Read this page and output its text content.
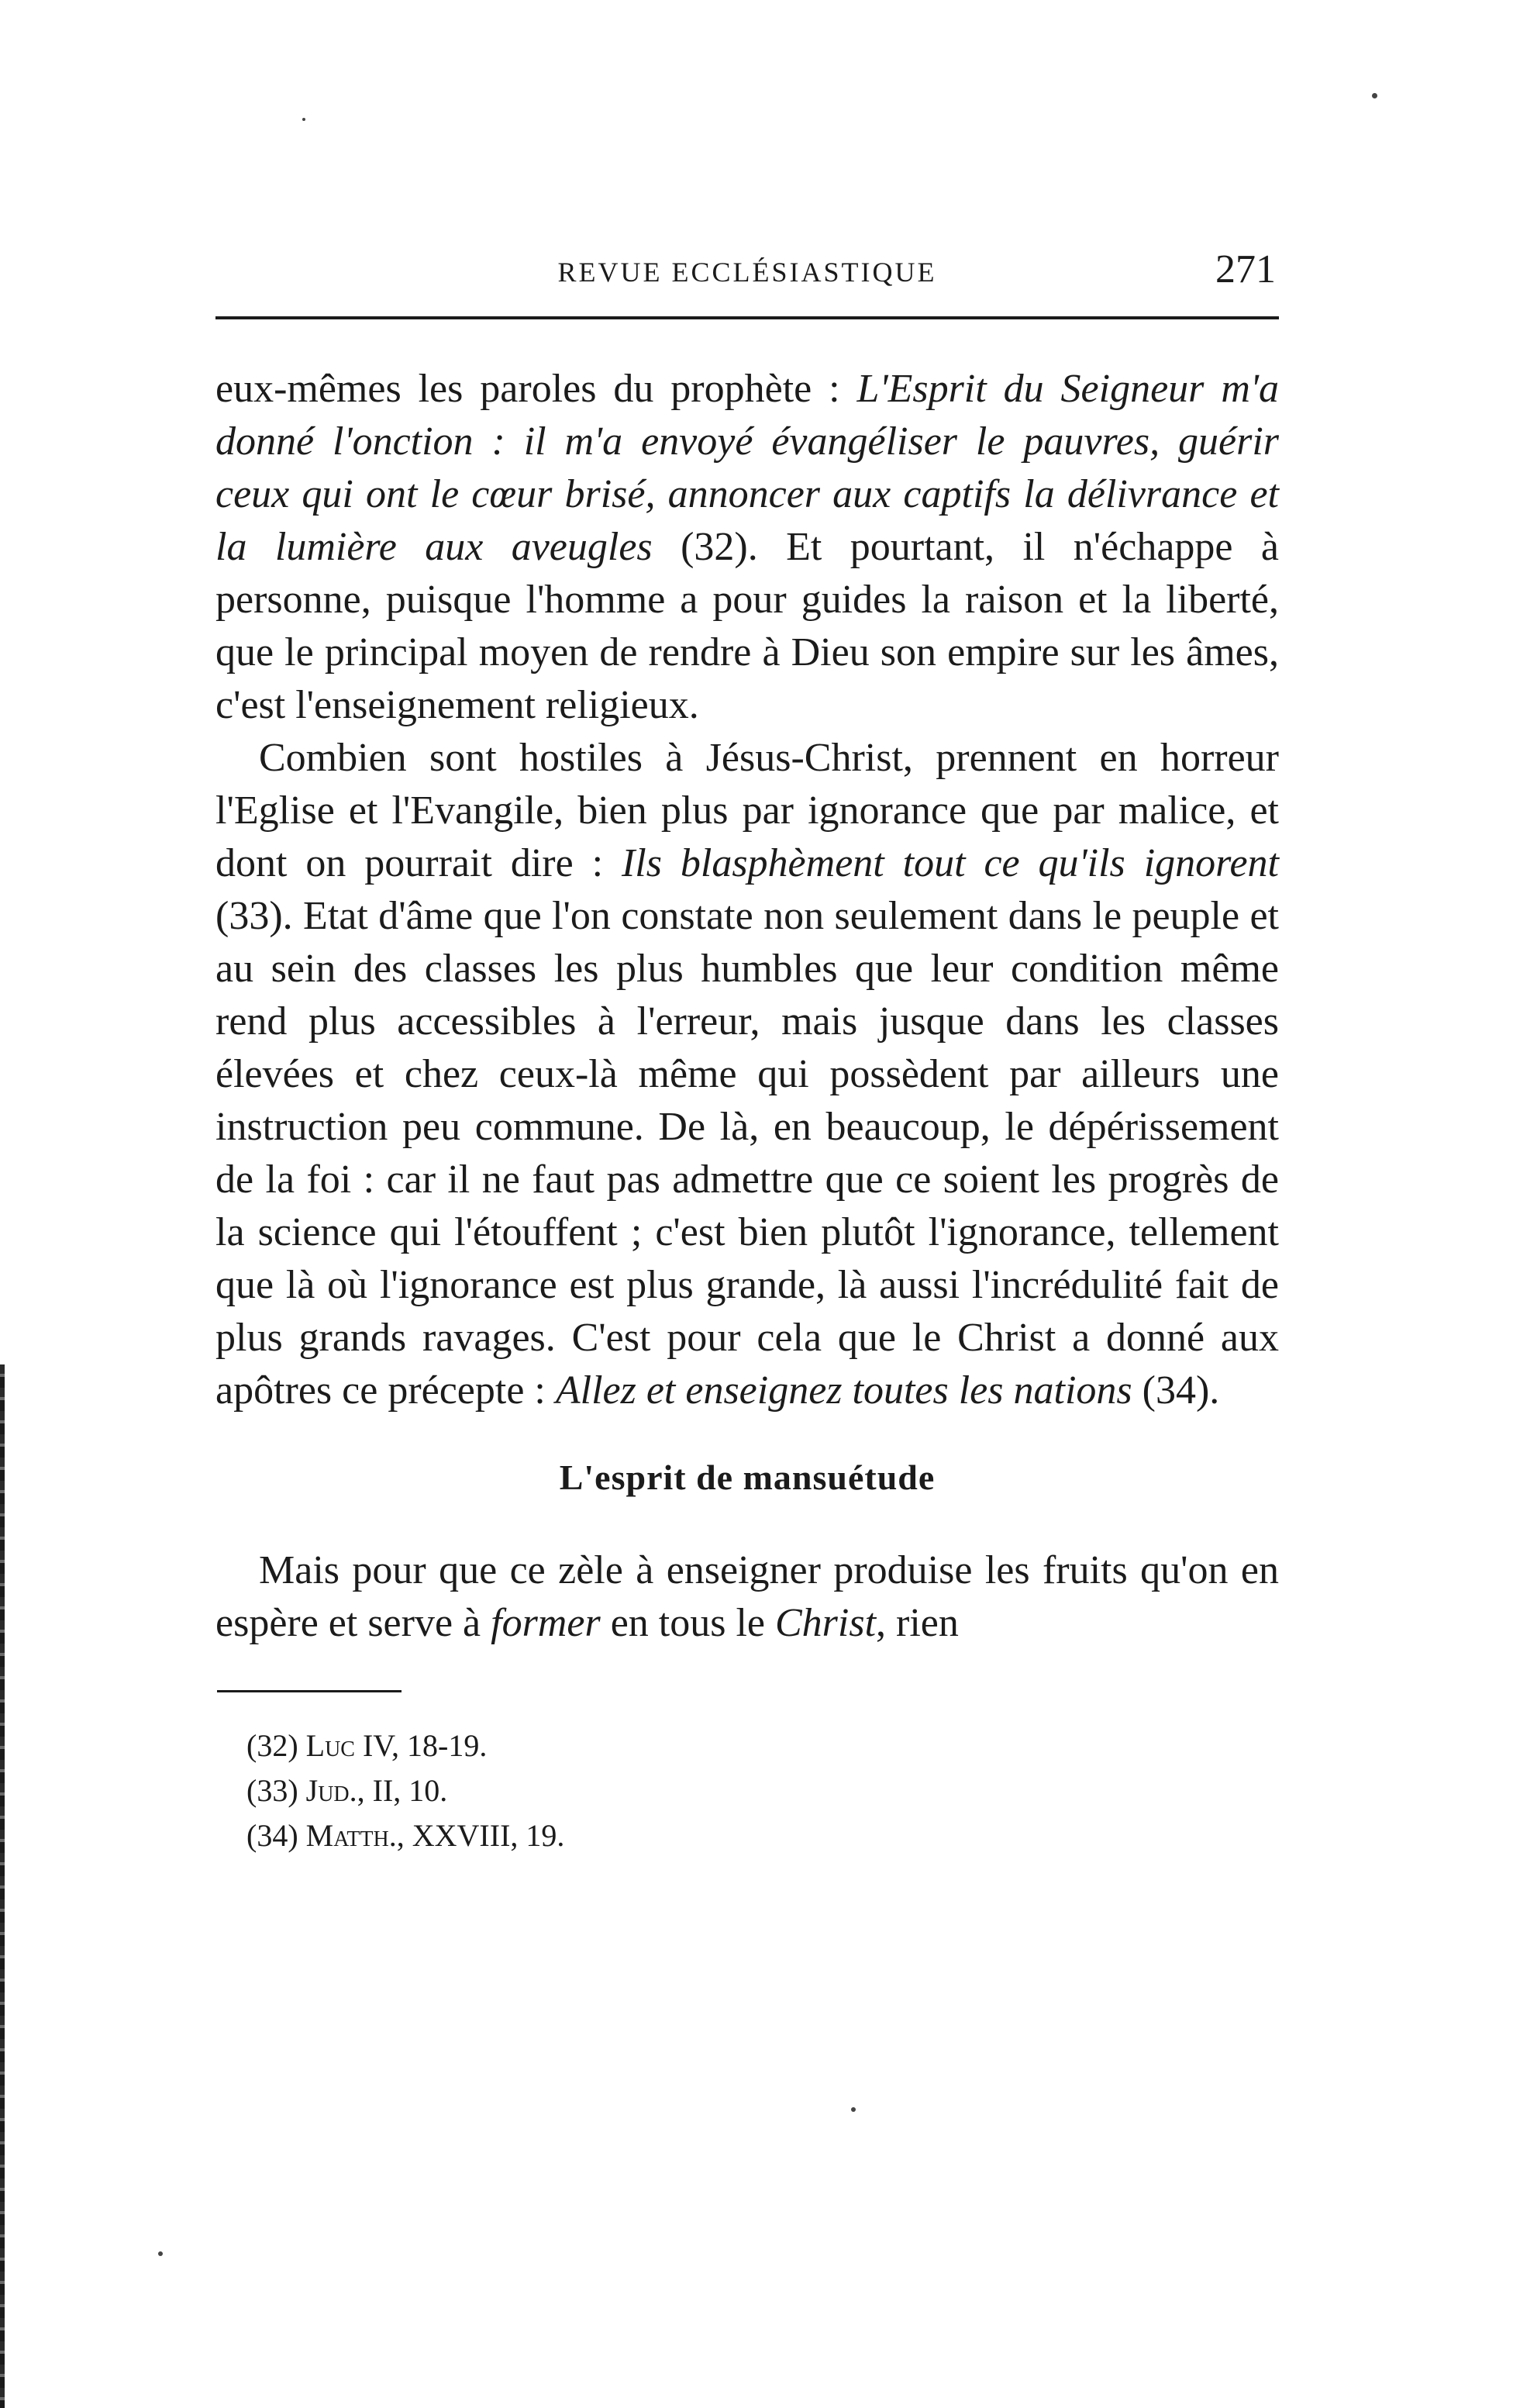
REVUE ECCLÉSIASTIQUE	271

eux-mêmes les paroles du prophète : L'Esprit du Seigneur m'a donné l'onction : il m'a envoyé évangéliser le pauvres, guérir ceux qui ont le cœur brisé, annoncer aux captifs la délivrance et la lumière aux aveugles (32). Et pourtant, il n'échappe à personne, puisque l'homme a pour guides la raison et la liberté, que le principal moyen de rendre à Dieu son empire sur les âmes, c'est l'enseignement religieux.

Combien sont hostiles à Jésus-Christ, prennent en horreur l'Eglise et l'Evangile, bien plus par ignorance que par malice, et dont on pourrait dire : Ils blasphèment tout ce qu'ils ignorent (33). Etat d'âme que l'on constate non seulement dans le peuple et au sein des classes les plus humbles que leur condition même rend plus accessibles à l'erreur, mais jusque dans les classes élevées et chez ceux-là même qui possèdent par ailleurs une instruction peu commune. De là, en beaucoup, le dépérissement de la foi : car il ne faut pas admettre que ce soient les progrès de la science qui l'étouffent ; c'est bien plutôt l'ignorance, tellement que là où l'ignorance est plus grande, là aussi l'incrédulité fait de plus grands ravages. C'est pour cela que le Christ a donné aux apôtres ce précepte : Allez et enseignez toutes les nations (34).

L'esprit de mansuétude

Mais pour que ce zèle à enseigner produise les fruits qu'on en espère et serve à former en tous le Christ, rien

(32) Luc IV, 18-19.
(33) Jud., II, 10.
(34) Matth., XXVIII, 19.
